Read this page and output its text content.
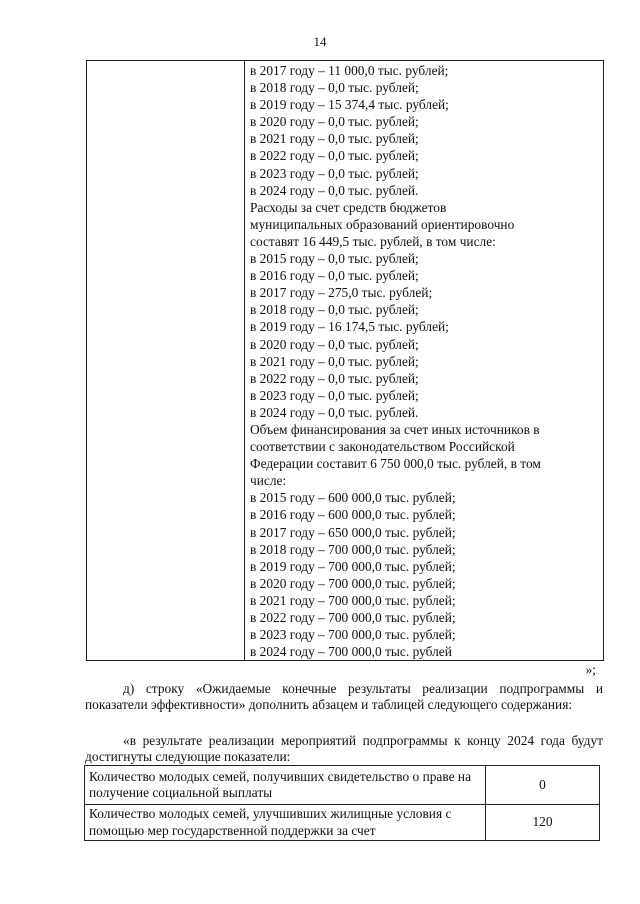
14
в 2017 году – 11 000,0 тыс. рублей;
в 2018 году – 0,0 тыс. рублей;
в 2019 году – 15 374,4 тыс. рублей;
в 2020 году – 0,0 тыс. рублей;
в 2021 году – 0,0 тыс. рублей;
в 2022 году – 0,0 тыс. рублей;
в 2023 году – 0,0 тыс. рублей;
в 2024 году – 0,0 тыс. рублей.
Расходы за счет средств бюджетов
муниципальных образований ориентировочно
составят 16 449,5 тыс. рублей, в том числе:
в 2015 году – 0,0 тыс. рублей;
в 2016 году – 0,0 тыс. рублей;
в 2017 году – 275,0 тыс. рублей;
в 2018 году – 0,0 тыс. рублей;
в 2019 году – 16 174,5 тыс. рублей;
в 2020 году – 0,0 тыс. рублей;
в 2021 году – 0,0 тыс. рублей;
в 2022 году – 0,0 тыс. рублей;
в 2023 году – 0,0 тыс. рублей;
в 2024 году – 0,0 тыс. рублей.
Объем финансирования за счет иных источников в
соответствии с законодательством Российской
Федерации составит 6 750 000,0 тыс. рублей, в том
числе:
в 2015 году – 600 000,0 тыс. рублей;
в 2016 году – 600 000,0 тыс. рублей;
в 2017 году – 650 000,0 тыс. рублей;
в 2018 году – 700 000,0 тыс. рублей;
в 2019 году – 700 000,0 тыс. рублей;
в 2020 году – 700 000,0 тыс. рублей;
в 2021 году – 700 000,0 тыс. рублей;
в 2022 году – 700 000,0 тыс. рублей;
в 2023 году – 700 000,0 тыс. рублей;
в 2024 году – 700 000,0 тыс. рублей
»;
д) строку «Ожидаемые конечные результаты реализации подпрограммы и показатели эффективности» дополнить абзацем и таблицей следующего содержания:
«в результате реализации мероприятий подпрограммы к концу 2024 года будут достигнуты следующие показатели:
Количество молодых семей, получивших свидетельство о праве на получение социальной выплаты	0
Количество молодых семей, улучшивших жилищные условия с помощью мер государственной поддержки за счет	120
